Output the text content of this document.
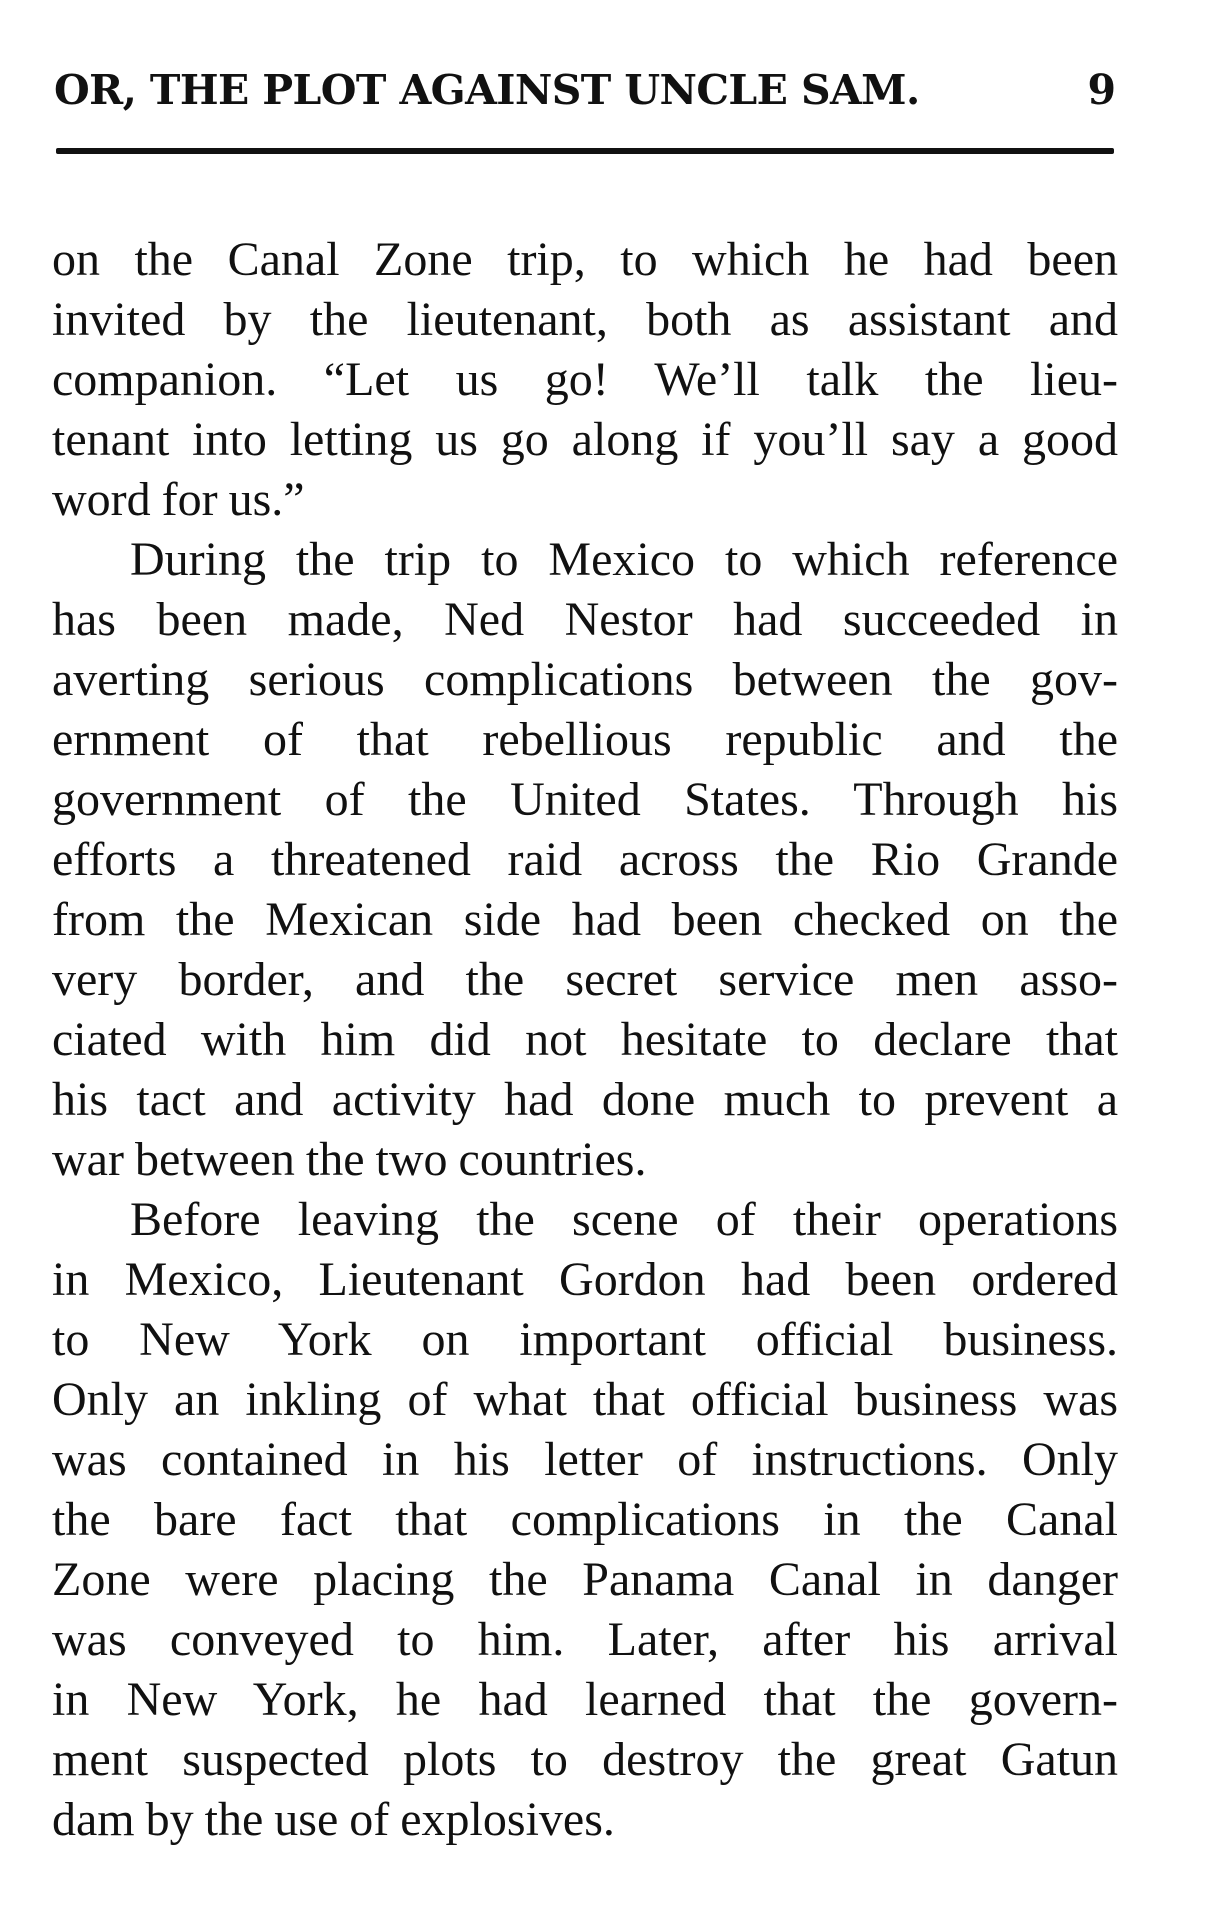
OR, THE PLOT AGAINST UNCLE SAM.	9
on the Canal Zone trip, to which he had been
invited by the lieutenant, both as assistant and
companion. “Let us go! We’ll talk the lieu-
tenant into letting us go along if you’ll say a good
word for us.”
During the trip to Mexico to which reference
has been made, Ned Nestor had succeeded in
averting serious complications between the gov-
ernment of that rebellious republic and the
government of the United States. Through his
efforts a threatened raid across the Rio Grande
from the Mexican side had been checked on the
very border, and the secret service men asso-
ciated with him did not hesitate to declare that
his tact and activity had done much to prevent a
war between the two countries.
Before leaving the scene of their operations
in Mexico, Lieutenant Gordon had been ordered
to New York on important official business.
Only an inkling of what that official business was
was contained in his letter of instructions. Only
the bare fact that complications in the Canal
Zone were placing the Panama Canal in danger
was conveyed to him. Later, after his arrival
in New York, he had learned that the govern-
ment suspected plots to destroy the great Gatun
dam by the use of explosives.
